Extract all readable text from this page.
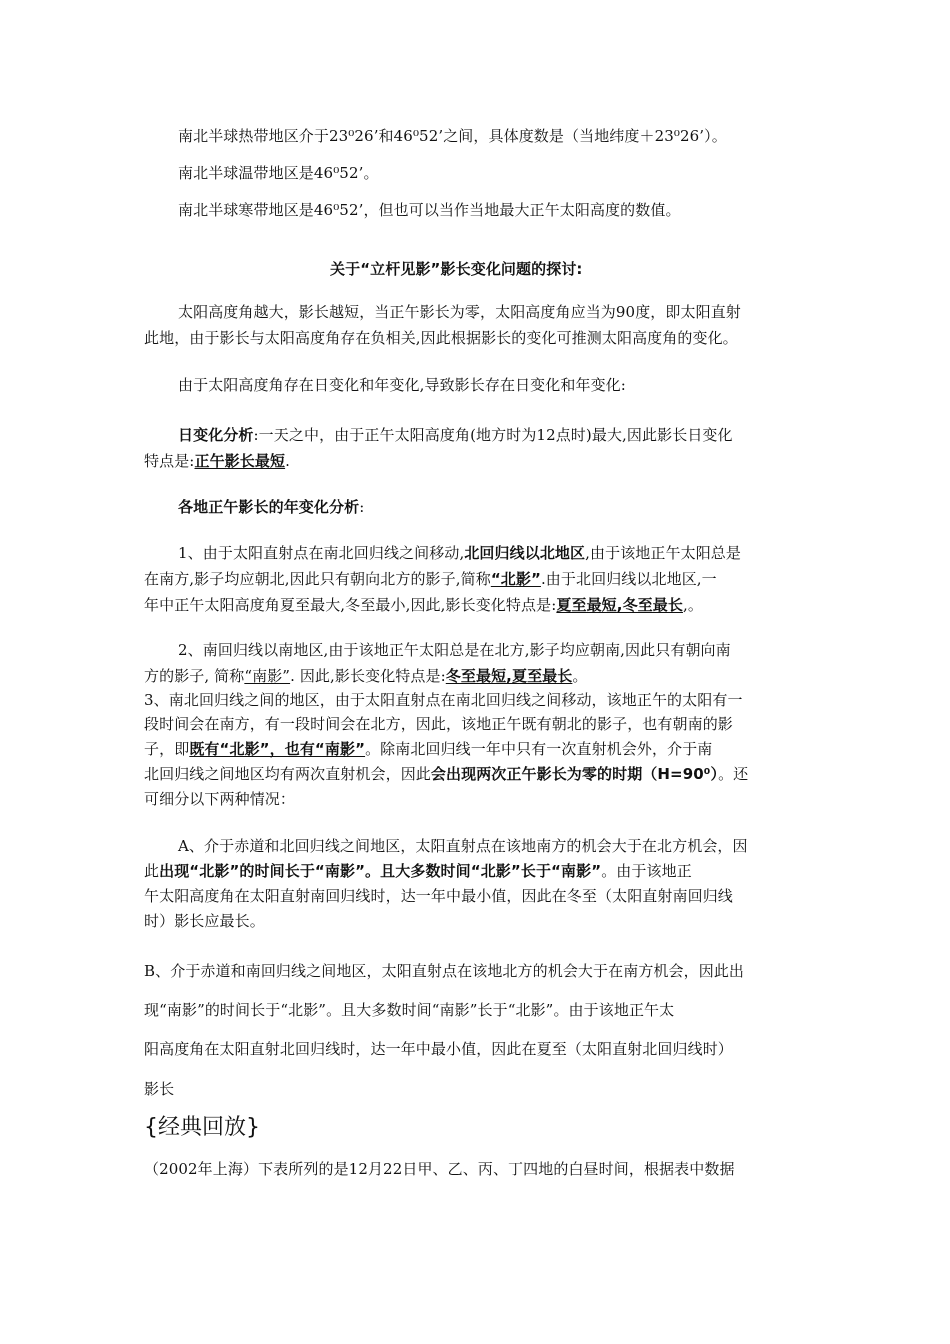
南北半球热带地区介于23⁰26’和46⁰52’之间，具体度数是（当地纬度＋23⁰26’）。
南北半球温带地区是46⁰52’。
南北半球寒带地区是46⁰52’，但也可以当作当地最大正午太阳高度的数值。
关于“立杆见影”影长变化问题的探讨:
太阳高度角越大，影长越短，当正午影长为零，太阳高度角应当为90度，即太阳直射
此地，由于影长与太阳高度角存在负相关,因此根据影长的变化可推测太阳高度角的变化。
由于太阳高度角存在日变化和年变化,导致影长存在日变化和年变化:
日变化分析:一天之中，由于正午太阳高度角(地方时为12点时)最大,因此影长日变化
特点是:正午影长最短.
各地正午影长的年变化分析:
1、由于太阳直射点在南北回归线之间移动,北回归线以北地区,由于该地正午太阳总是
在南方,影子均应朝北,因此只有朝向北方的影子,简称“北影”.由于北回归线以北地区,一
年中正午太阳高度角夏至最大,冬至最小,因此,影长变化特点是:夏至最短,冬至最长,。
2、南回归线以南地区,由于该地正午太阳总是在北方,影子均应朝南,因此只有朝向南
方的影子, 简称“南影”. 因此,影长变化特点是:冬至最短,夏至最长。
3、南北回归线之间的地区，由于太阳直射点在南北回归线之间移动，该地正午的太阳有一
段时间会在南方，有一段时间会在北方，因此，该地正午既有朝北的影子，也有朝南的影
子，即既有“北影”，也有“南影”。除南北回归线一年中只有一次直射机会外，介于南
北回归线之间地区均有两次直射机会，因此会出现两次正午影长为零的时期（H=90⁰）。还
可细分以下两种情况：
A、介于赤道和北回归线之间地区，太阳直射点在该地南方的机会大于在北方机会，因
此出现“北影”的时间长于“南影”。且大多数时间“北影”长于“南影”。由于该地正
午太阳高度角在太阳直射南回归线时，达一年中最小值，因此在冬至（太阳直射南回归线
时）影长应最长。
B、介于赤道和南回归线之间地区，太阳直射点在该地北方的机会大于在南方机会，因此出
现“南影”的时间长于“北影”。且大多数时间“南影”长于“北影”。由于该地正午太
阳高度角在太阳直射北回归线时，达一年中最小值，因此在夏至（太阳直射北回归线时）
影长
{经典回放}
（2002年上海）下表所列的是12月22日甲、乙、丙、丁四地的白昼时间，根据表中数据
